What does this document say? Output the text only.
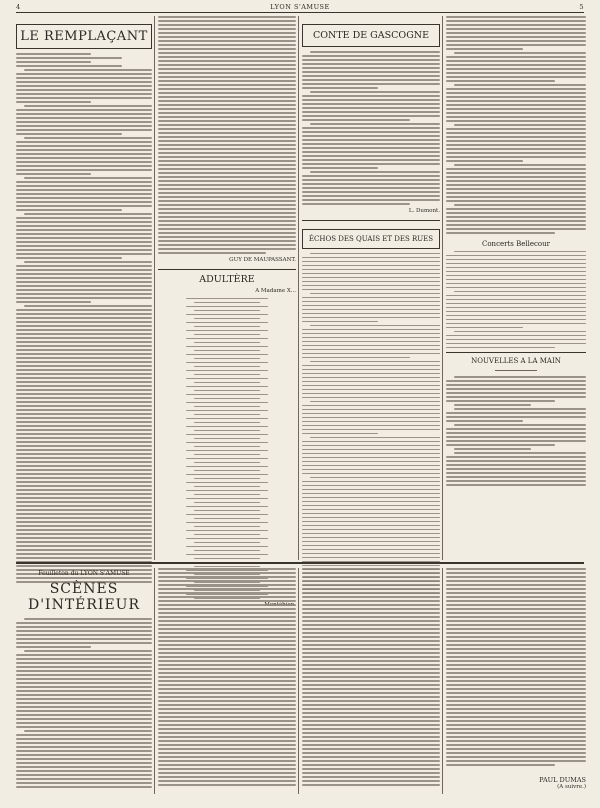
4	LYON S'AMUSE	5
LE REMPLAÇANT
GUY DE MAUPASSANT.
ADULTÈRE
A Madame X...
CONTE DE GASCOGNE
L. Dumont.
ÉCHOS DES QUAIS ET DES RUES
Concerts Bellecour
NOUVELLES A LA MAIN
Feuilleton du LYON S'AMUSE
SCÈNES D'INTÉRIEUR
PAUL DUMAS
(A suivre.)
